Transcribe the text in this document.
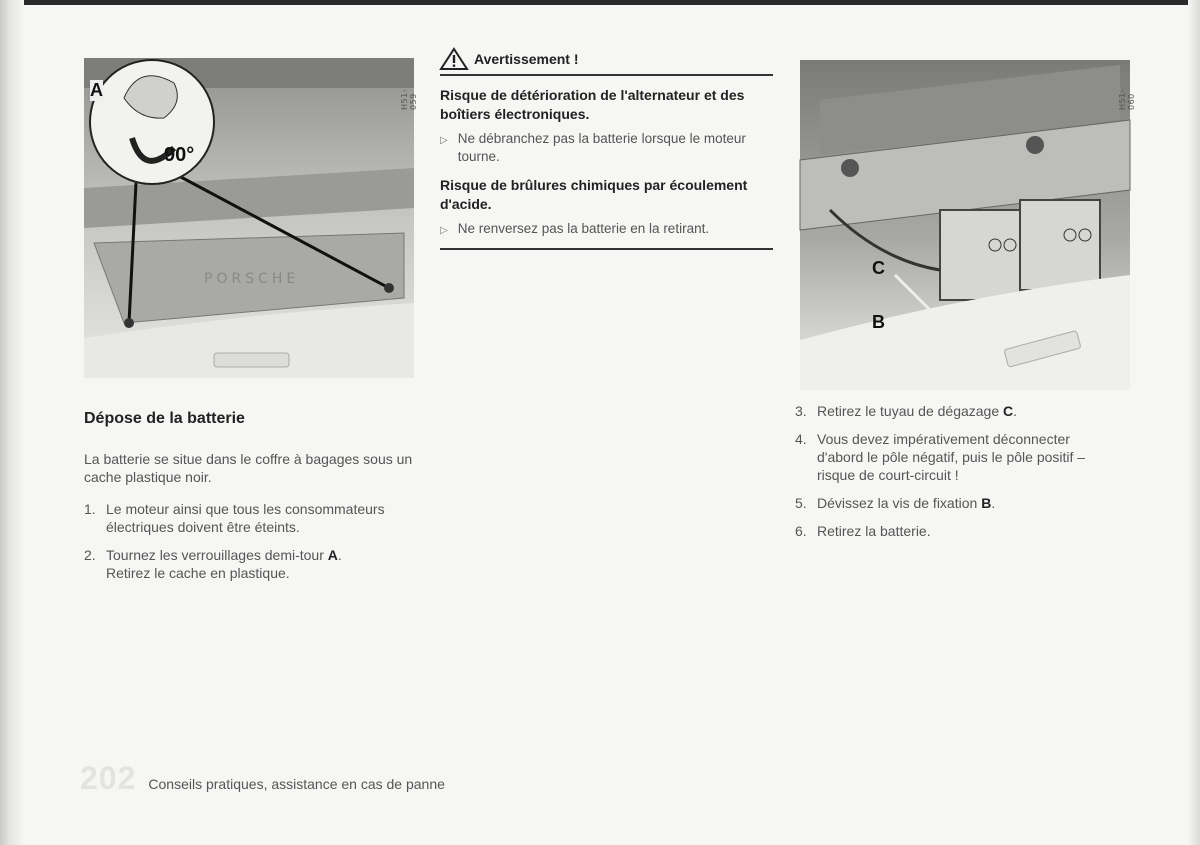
PORSCHE
A
90°
H51-059
Avertissement !
Risque de détérioration de l'alternateur et des boîtiers électroniques.
▷ Ne débranchez pas la batterie lorsque le moteur tourne.
Risque de brûlures chimiques par écoulement d'acide.
▷ Ne renversez pas la batterie en la retirant.
C
B
H51-060
Dépose de la batterie
La batterie se situe dans le coffre à bagages sous un cache plastique noir.
1. Le moteur ainsi que tous les consommateurs électriques doivent être éteints.
2. Tournez les verrouillages demi-tour A.
Retirez le cache en plastique.
3. Retirez le tuyau de dégazage C.
4. Vous devez impérativement déconnecter d'abord le pôle négatif, puis le pôle positif – risque de court-circuit !
5. Dévissez la vis de fixation B.
6. Retirez la batterie.
202 Conseils pratiques, assistance en cas de panne
